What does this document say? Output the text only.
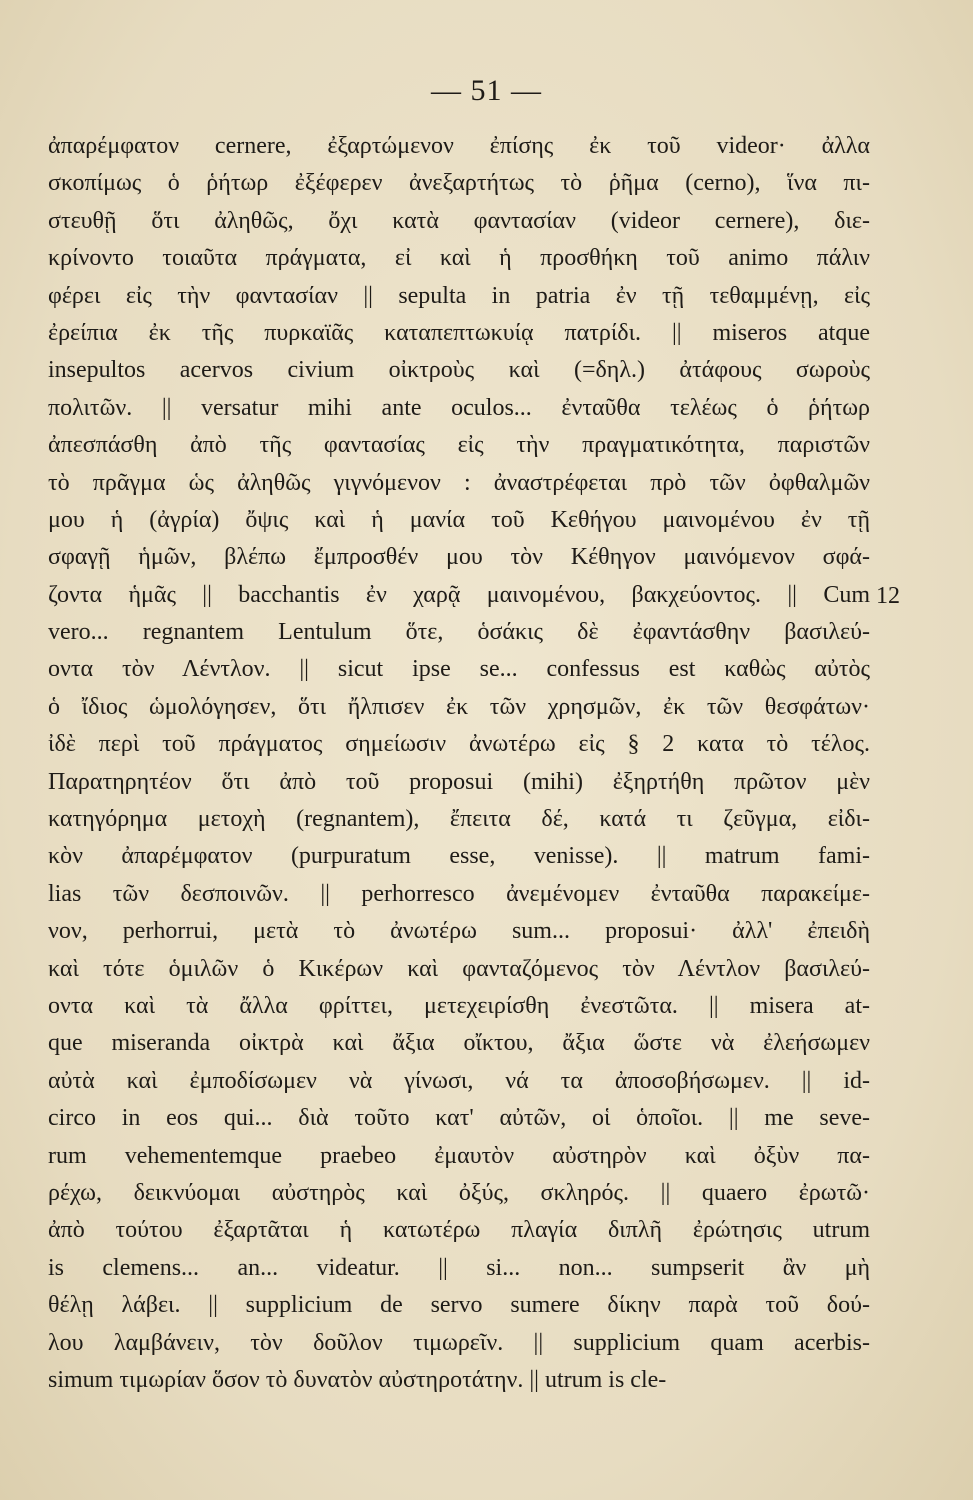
— 51 —
12
ἀπαρέμφατον cernere, ἐξαρτώμενον ἐπίσης ἐκ τοῦ videor· ἀλλα
σκοπίμως ὁ ῥήτωρ ἐξέφερεν ἀνεξαρτήτως τὸ ῥῆμα (cerno), ἵνα πι-
στευθῇ ὅτι ἀληθῶς, ὄχι κατὰ φαντασίαν (videor cernere), διε-
κρίνοντο τοιαῦτα πράγματα, εἰ καὶ ἡ προσθήκη τοῦ animo πάλιν
φέρει εἰς τὴν φαντασίαν || sepulta in patria ἐν τῇ τεθαμμένῃ, εἰς
ἐρείπια ἐκ τῆς πυρκαϊᾶς καταπεπτωκυίᾳ πατρίδι. || miseros atque
insepultos acervos civium οἰκτροὺς καὶ (=δηλ.) ἀτάφους σωροὺς
πολιτῶν. || versatur mihi ante oculos... ἐνταῦθα τελέως ὁ ῥήτωρ
ἀπεσπάσθη ἀπὸ τῆς φαντασίας εἰς τὴν πραγματικότητα, παριστῶν
τὸ πρᾶγμα ὡς ἀληθῶς γιγνόμενον : ἀναστρέφεται πρὸ τῶν ὀφθαλμῶν
μου ἡ (ἀγρία) ὄψις καὶ ἡ μανία τοῦ Κεθήγου μαινομένου ἐν τῇ
σφαγῇ ἡμῶν, βλέπω ἔμπροσθέν μου τὸν Κέθηγον μαινόμενον σφά-
ζοντα ἡμᾶς || bacchantis ἐν χαρᾷ μαινομένου, βακχεύοντος. || Cum
vero... regnantem Lentulum ὅτε, ὁσάκις δὲ ἐφαντάσθην βασιλεύ-
οντα τὸν Λέντλον. || sicut ipse se... confessus est καθὼς αὐτὸς
ὁ ἴδιος ὡμολόγησεν, ὅτι ἤλπισεν ἐκ τῶν χρησμῶν, ἐκ τῶν θεσφάτων·
ἰδὲ περὶ τοῦ πράγματος σημείωσιν ἀνωτέρω εἰς § 2 κατα τὸ τέλος.
Παρατηρητέον ὅτι ἀπὸ τοῦ proposui (mihi) ἐξηρτήθη πρῶτον μὲν
κατηγόρημα μετοχὴ (regnantem), ἔπειτα δέ, κατά τι ζεῦγμα, εἰδι-
κὸν ἀπαρέμφατον (purpuratum esse, venisse). || matrum fami-
lias τῶν δεσποινῶν. || perhorresco ἀνεμένομεν ἐνταῦθα παρακείμε-
νον, perhorrui, μετὰ τὸ ἀνωτέρω sum... proposui· ἀλλ' ἐπειδὴ
καὶ τότε ὁμιλῶν ὁ Κικέρων καὶ φανταζόμενος τὸν Λέντλον βασιλεύ-
οντα καὶ τὰ ἄλλα φρίττει, μετεχειρίσθη ἐνεστῶτα. || misera at-
que miseranda οἰκτρὰ καὶ ἄξια οἴκτου, ἄξια ὥστε νὰ ἐλεήσωμεν
αὐτὰ καὶ ἐμποδίσωμεν νὰ γίνωσι, νά τα ἀποσοβήσωμεν. || id-
circo in eos qui... διὰ τοῦτο κατ' αὐτῶν, οἱ ὁποῖοι. || me seve-
rum vehementemque praebeo ἐμαυτὸν αὐστηρὸν καὶ ὀξὺν πα-
ρέχω, δεικνύομαι αὐστηρὸς καὶ ὀξύς, σκληρός. || quaero ἐρωτῶ·
ἀπὸ τούτου ἐξαρτᾶται ἡ κατωτέρω πλαγία διπλῆ ἐρώτησις utrum
is clemens... an... videatur. || si... non... sumpserit ἂν μὴ
θέλῃ λάβει. || supplicium de servo sumere δίκην παρὰ τοῦ δού-
λου λαμβάνειν, τὸν δοῦλον τιμωρεῖν. || supplicium quam acerbis-
simum τιμωρίαν ὅσον τὸ δυνατὸν αὐστηροτάτην. || utrum is cle-
